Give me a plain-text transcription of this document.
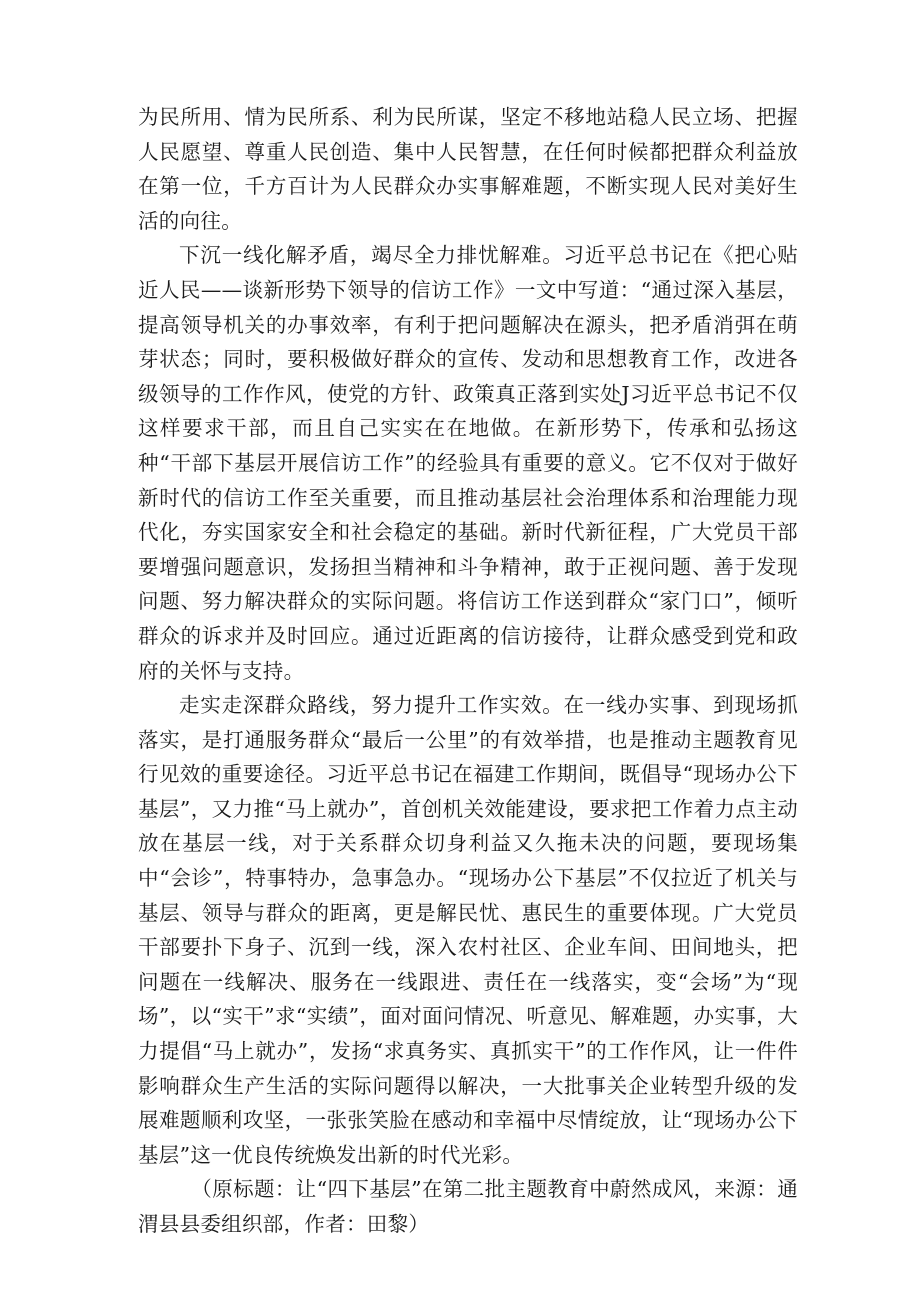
为民所用、情为民所系、利为民所谋，坚定不移地站稳人民立场、把握人民愿望、尊重人民创造、集中人民智慧，在任何时候都把群众利益放在第一位，千方百计为人民群众办实事解难题，不断实现人民对美好生活的向往。

下沉一线化解矛盾，竭尽全力排忧解难。习近平总书记在《把心贴近人民——谈新形势下领导的信访工作》一文中写道：“通过深入基层，提高领导机关的办事效率，有利于把问题解决在源头，把矛盾消弭在萌芽状态；同时，要积极做好群众的宣传、发动和思想教育工作，改进各级领导的工作作风，使党的方针、政策真正落到实处J习近平总书记不仅这样要求干部，而且自己实实在在地做。在新形势下，传承和弘扬这种“干部下基层开展信访工作”的经验具有重要的意义。它不仅对于做好新时代的信访工作至关重要，而且推动基层社会治理体系和治理能力现代化，夯实国家安全和社会稳定的基础。新时代新征程，广大党员干部要增强问题意识，发扬担当精神和斗争精神，敢于正视问题、善于发现问题、努力解决群众的实际问题。将信访工作送到群众“家门口”，倾听群众的诉求并及时回应。通过近距离的信访接待，让群众感受到党和政府的关怀与支持。

走实走深群众路线，努力提升工作实效。在一线办实事、到现场抓落实，是打通服务群众“最后一公里”的有效举措，也是推动主题教育见行见效的重要途径。习近平总书记在福建工作期间，既倡导“现场办公下基层”，又力推“马上就办”，首创机关效能建设，要求把工作着力点主动放在基层一线，对于关系群众切身利益又久拖未决的问题，要现场集中“会诊”，特事特办，急事急办。“现场办公下基层”不仅拉近了机关与基层、领导与群众的距离，更是解民忧、惠民生的重要体现。广大党员干部要扑下身子、沉到一线，深入农村社区、企业车间、田间地头，把问题在一线解决、服务在一线跟进、责任在一线落实，变“会场”为“现场”，以“实干”求“实绩”，面对面问情况、听意见、解难题，办实事，大力提倡“马上就办”，发扬“求真务实、真抓实干”的工作作风，让一件件影响群众生产生活的实际问题得以解决，一大批事关企业转型升级的发展难题顺利攻坚，一张张笑脸在感动和幸福中尽情绽放，让“现场办公下基层”这一优良传统焕发出新的时代光彩。

（原标题：让“四下基层”在第二批主题教育中蔚然成风，来源：通渭县县委组织部，作者：田黎）
